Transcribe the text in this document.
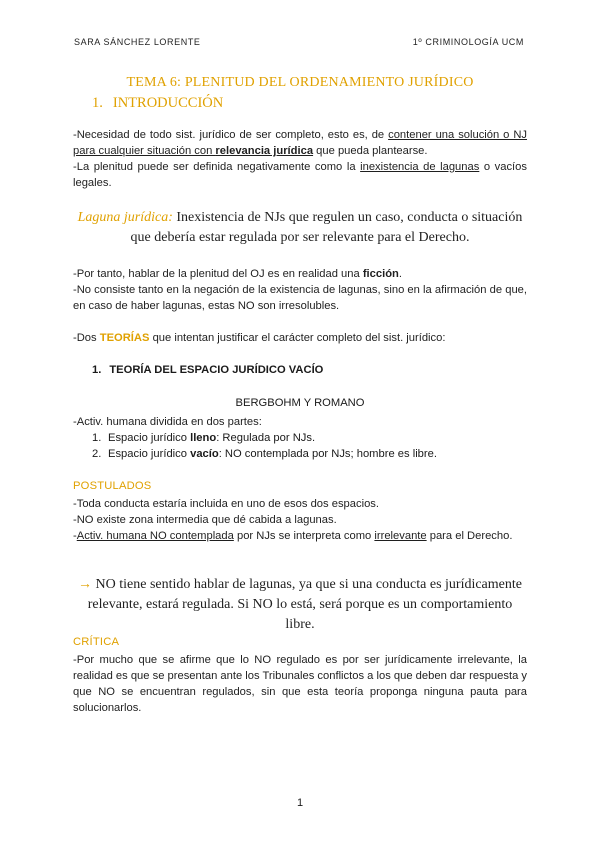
SARA SÁNCHEZ LORENTE	1º CRIMINOLOGÍA UCM
TEMA 6: PLENITUD DEL ORDENAMIENTO JURÍDICO
1. INTRODUCCIÓN
-Necesidad de todo sist. jurídico de ser completo, esto es, de contener una solución o NJ para cualquier situación con relevancia jurídica que pueda plantearse.
-La plenitud puede ser definida negativamente como la inexistencia de lagunas o vacíos legales.
Laguna jurídica: Inexistencia de NJs que regulen un caso, conducta o situación que debería estar regulada por ser relevante para el Derecho.
-Por tanto, hablar de la plenitud del OJ es en realidad una ficción.
-No consiste tanto en la negación de la existencia de lagunas, sino en la afirmación de que, en caso de haber lagunas, estas NO son irresolubles.
-Dos TEORÍAS que intentan justificar el carácter completo del sist. jurídico:
1. TEORÍA DEL ESPACIO JURÍDICO VACÍO
BERGBOHM Y ROMANO
-Activ. humana dividida en dos partes:
1. Espacio jurídico lleno: Regulada por NJs.
2. Espacio jurídico vacío: NO contemplada por NJs; hombre es libre.
POSTULADOS
-Toda conducta estaría incluida en uno de esos dos espacios.
-NO existe zona intermedia que dé cabida a lagunas.
-Activ. humana NO contemplada por NJs se interpreta como irrelevante para el Derecho.
→ NO tiene sentido hablar de lagunas, ya que si una conducta es jurídicamente relevante, estará regulada. Si NO lo está, será porque es un comportamiento libre.
CRÍTICA
-Por mucho que se afirme que lo NO regulado es por ser jurídicamente irrelevante, la realidad es que se presentan ante los Tribunales conflictos a los que deben dar respuesta y que NO se encuentran regulados, sin que esta teoría proponga ninguna pauta para solucionarlos.
1
